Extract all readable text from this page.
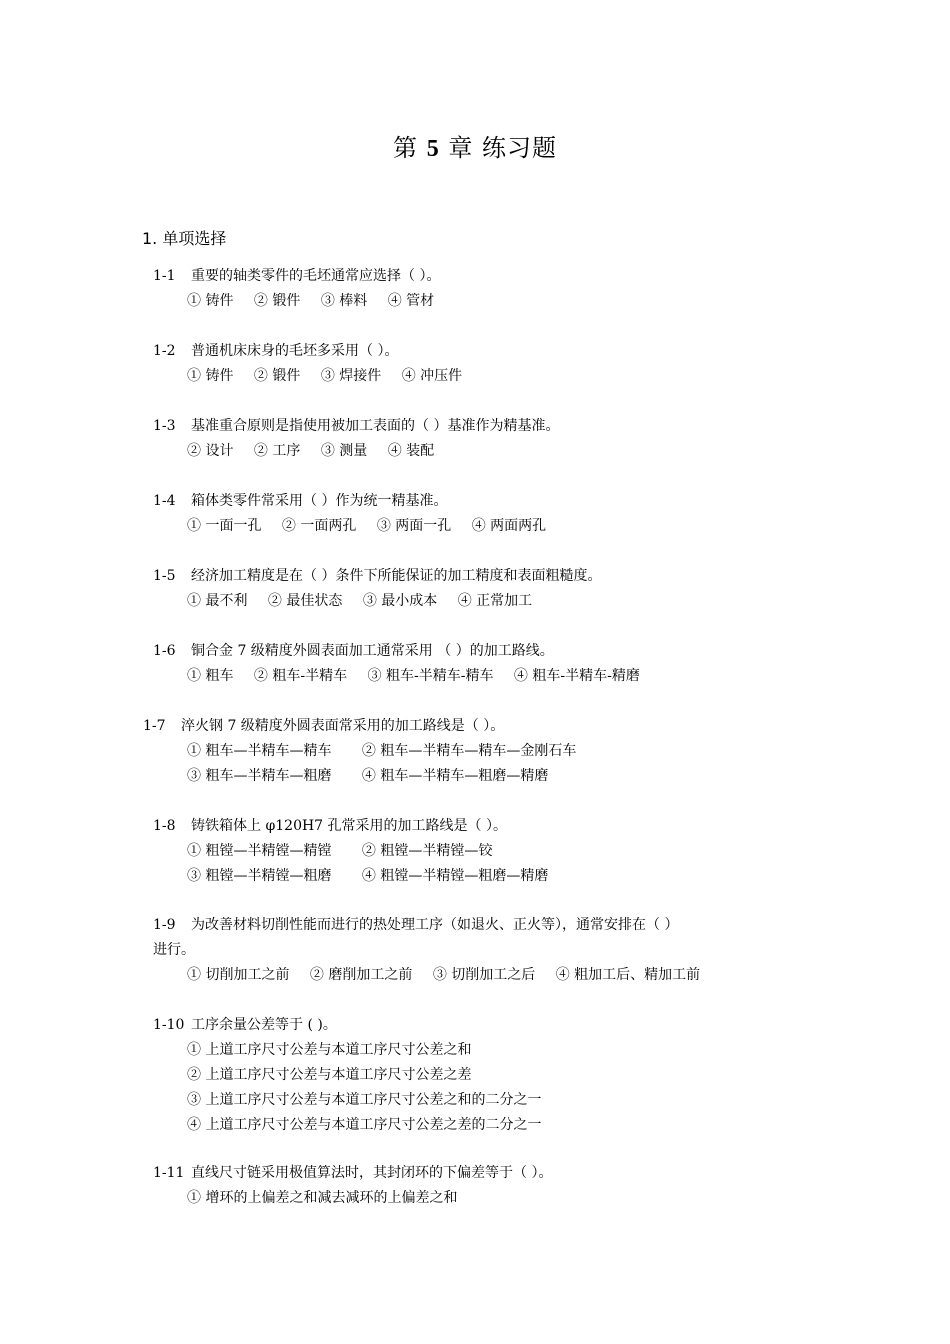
第 5 章 练习题
1. 单项选择
1-1 重要的轴类零件的毛坯通常应选择（ ）。
① 铸件 ② 锻件 ③ 棒料 ④ 管材
1-2 普通机床床身的毛坯多采用（ ）。
① 铸件 ② 锻件 ③ 焊接件 ④ 冲压件
1-3 基准重合原则是指使用被加工表面的（ ）基准作为精基准。
② 设计 ② 工序 ③ 测量 ④ 装配
1-4 箱体类零件常采用（ ）作为统一精基准。
① 一面一孔 ② 一面两孔 ③ 两面一孔 ④ 两面两孔
1-5 经济加工精度是在（ ）条件下所能保证的加工精度和表面粗糙度。
① 最不利 ② 最佳状态 ③ 最小成本 ④ 正常加工
1-6 铜合金 7 级精度外圆表面加工通常采用 （ ）的加工路线。
① 粗车 ② 粗车-半精车 ③ 粗车-半精车-精车 ④ 粗车-半精车-精磨
1-7 淬火钢 7 级精度外圆表面常采用的加工路线是（ ）。
① 粗车—半精车—精车 ② 粗车—半精车—精车—金刚石车
③ 粗车—半精车—粗磨 ④ 粗车—半精车—粗磨—精磨
1-8 铸铁箱体上 φ120H7 孔常采用的加工路线是（ ）。
① 粗镗—半精镗—精镗 ② 粗镗—半精镗—铰
③ 粗镗—半精镗—粗磨 ④ 粗镗—半精镗—粗磨—精磨
1-9 为改善材料切削性能而进行的热处理工序（如退火、正火等），通常安排在（ ）
进行。
① 切削加工之前 ② 磨削加工之前 ③ 切削加工之后 ④ 粗加工后、精加工前
1-10 工序余量公差等于 ( )。
① 上道工序尺寸公差与本道工序尺寸公差之和
② 上道工序尺寸公差与本道工序尺寸公差之差
③ 上道工序尺寸公差与本道工序尺寸公差之和的二分之一
④ 上道工序尺寸公差与本道工序尺寸公差之差的二分之一
1-11 直线尺寸链采用极值算法时，其封闭环的下偏差等于（ ）。
① 增环的上偏差之和减去减环的上偏差之和
